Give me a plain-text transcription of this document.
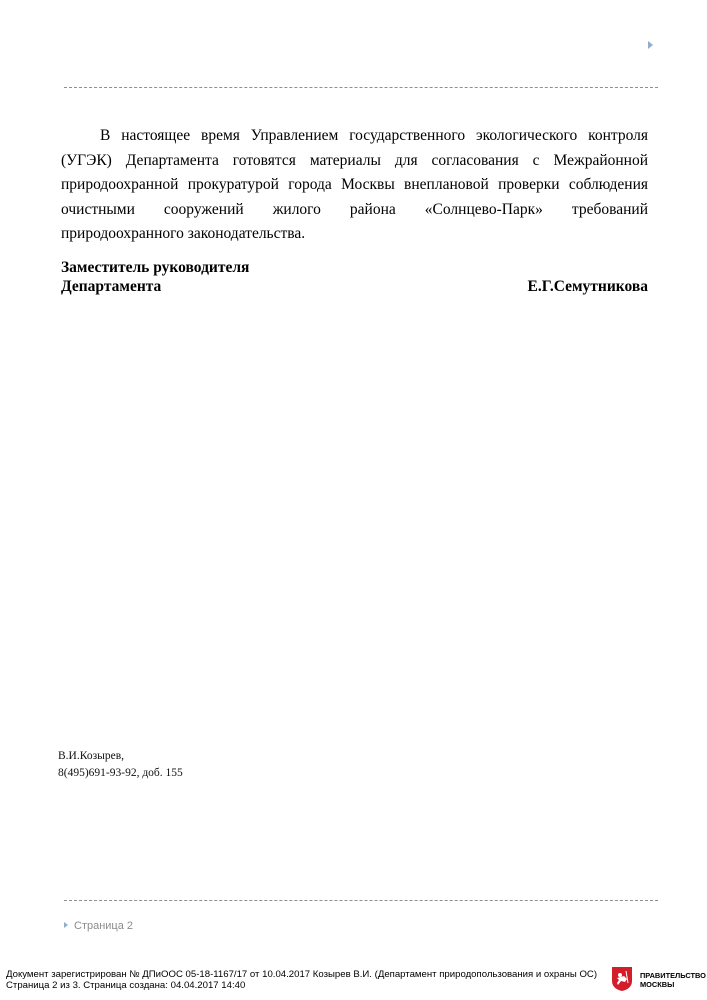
В настоящее время Управлением государственного экологического контроля (УГЭК) Департамента готовятся материалы для согласования с Межрайонной природоохранной прокуратурой города Москвы внеплановой проверки соблюдения очистными сооружений жилого района «Солнцево-Парк» требований природоохранного законодательства.
Заместитель руководителя
Департамента	Е.Г.Семутникова
В.И.Козырев,
8(495)691-93-92, доб. 155
Страница 2
Документ зарегистрирован № ДПиООС 05-18-1167/17 от 10.04.2017 Козырев В.И. (Департамент природопользования и охраны ОС)
Страница 2 из 3. Страница создана: 04.04.2017 14:40
ПРАВИТЕЛЬСТВО
МОСКВЫ
